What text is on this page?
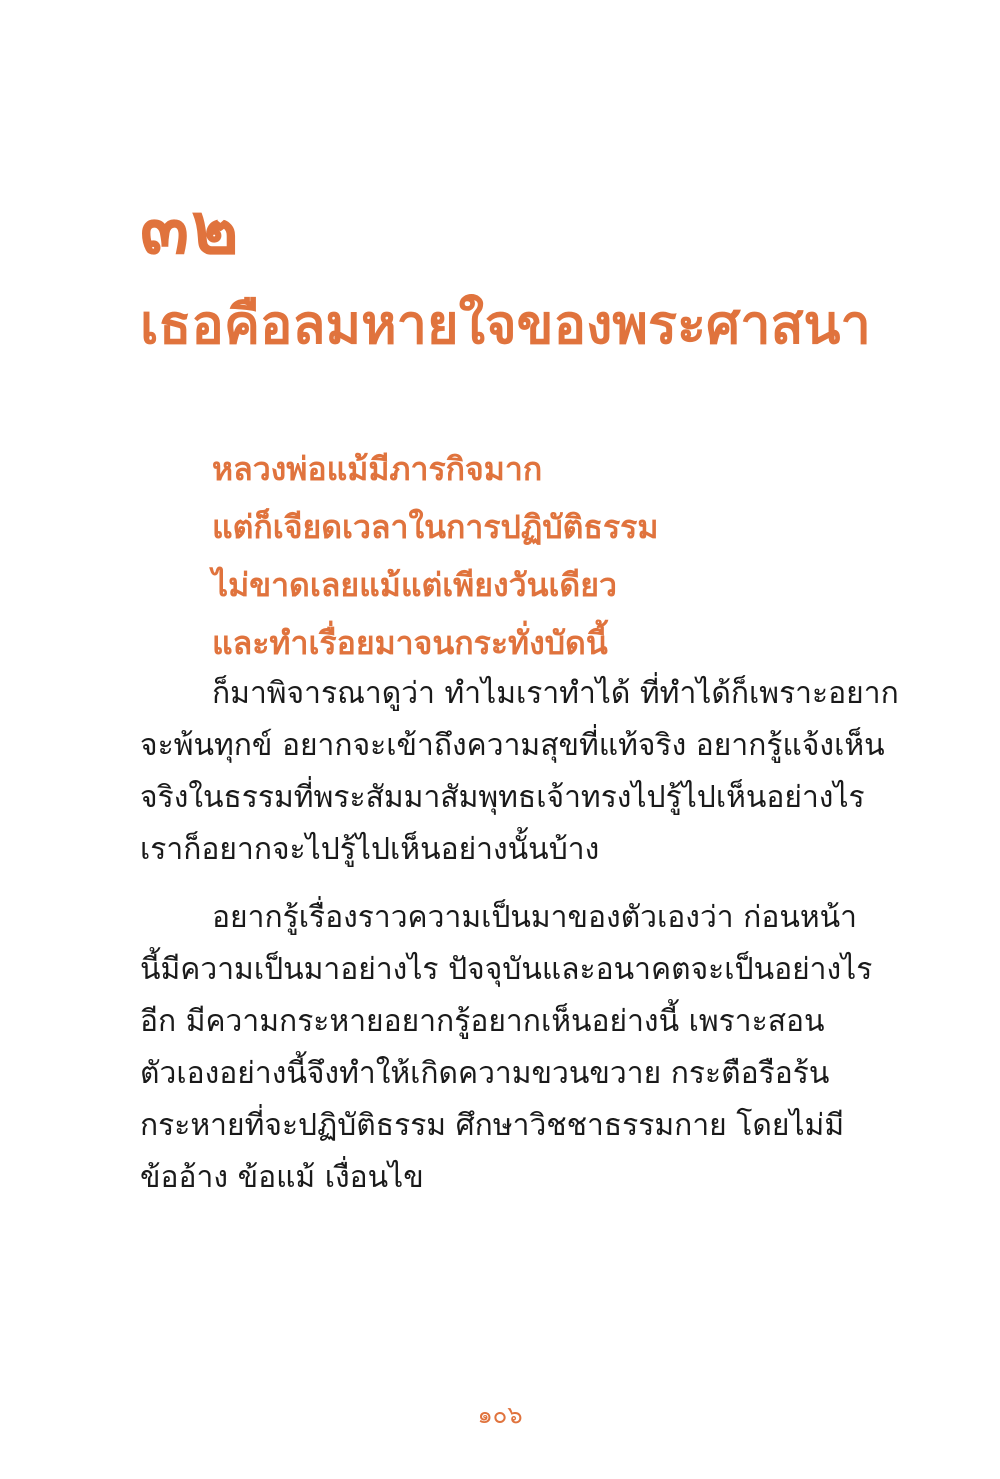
๓๒
เธอคือลมหายใจของพระศาสนา
หลวงพ่อแม้มีภารกิจมาก
แต่ก็เจียดเวลาในการปฏิบัติธรรม
ไม่ขาดเลยแม้แต่เพียงวันเดียว
และทำเรื่อยมาจนกระทั่งบัดนี้

ก็มาพิจารณาดูว่า ทำไมเราทำได้ ที่ทำได้ก็เพราะอยาก
จะพ้นทุกข์ อยากจะเข้าถึงความสุขที่แท้จริง อยากรู้แจ้งเห็น
จริงในธรรมที่พระสัมมาสัมพุทธเจ้าทรงไปรู้ไปเห็นอย่างไร
เราก็อยากจะไปรู้ไปเห็นอย่างนั้นบ้าง

อยากรู้เรื่องราวความเป็นมาของตัวเองว่า ก่อนหน้า
นี้มีความเป็นมาอย่างไร ปัจจุบันและอนาคตจะเป็นอย่างไร
อีก มีความกระหายอยากรู้อยากเห็นอย่างนี้ เพราะสอน
ตัวเองอย่างนี้จึงทำให้เกิดความขวนขวาย กระตือรือร้น
กระหายที่จะปฏิบัติธรรม ศึกษาวิชชาธรรมกาย โดยไม่มี
ข้ออ้าง ข้อแม้ เงื่อนไข

๑๐๖
